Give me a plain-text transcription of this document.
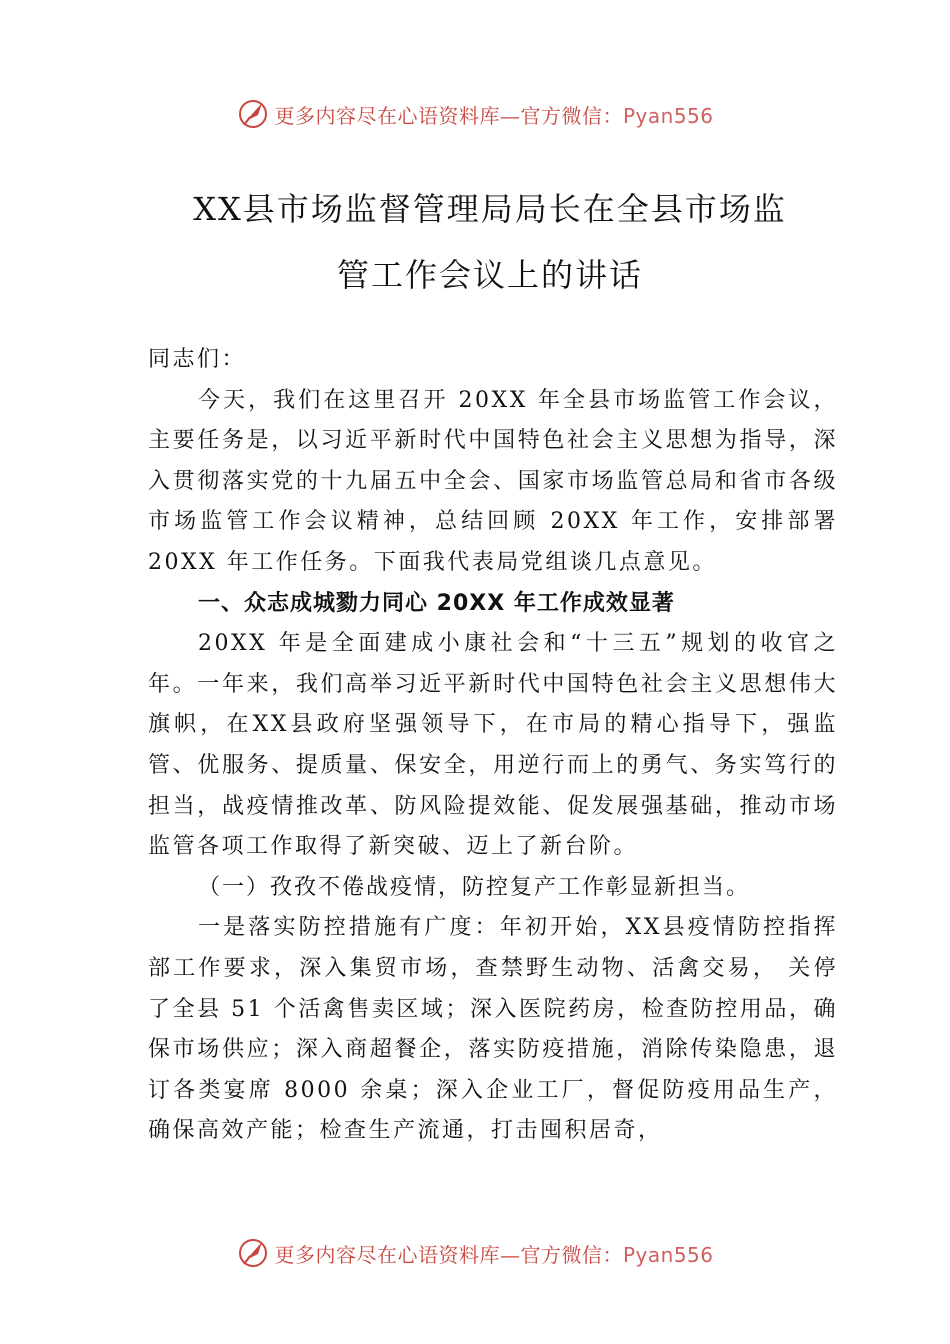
更多内容尽在心语资料库—官方微信：Pyan556
XX县市场监督管理局局长在全县市场监
管工作会议上的讲话

同志们：

今天，我们在这里召开 20XX 年全县市场监管工作会议，主要任务是，以习近平新时代中国特色社会主义思想为指导，深入贯彻落实党的十九届五中全会、国家市场监管总局和省市各级市场监管工作会议精神，总结回顾 20XX 年工作，安排部署 20XX 年工作任务。下面我代表局党组谈几点意见。

一、众志成城勠力同心 20XX 年工作成效显著

20XX 年是全面建成小康社会和“十三五”规划的收官之年。一年来，我们高举习近平新时代中国特色社会主义思想伟大旗帜，在XX县政府坚强领导下，在市局的精心指导下，强监管、优服务、提质量、保安全，用逆行而上的勇气、务实笃行的担当，战疫情推改革、防风险提效能、促发展强基础，推动市场监管各项工作取得了新突破、迈上了新台阶。

（一）孜孜不倦战疫情，防控复产工作彰显新担当。

一是落实防控措施有广度：年初开始，XX县疫情防控指挥部工作要求，深入集贸市场，查禁野生动物、活禽交易， 关停了全县 51 个活禽售卖区域；深入医院药房，检查防控用品，确保市场供应；深入商超餐企，落实防疫措施，消除传染隐患，退订各类宴席 8000 余桌；深入企业工厂，督促防疫用品生产，确保高效产能；检查生产流通，打击囤积居奇，

更多内容尽在心语资料库—官方微信：Pyan556
